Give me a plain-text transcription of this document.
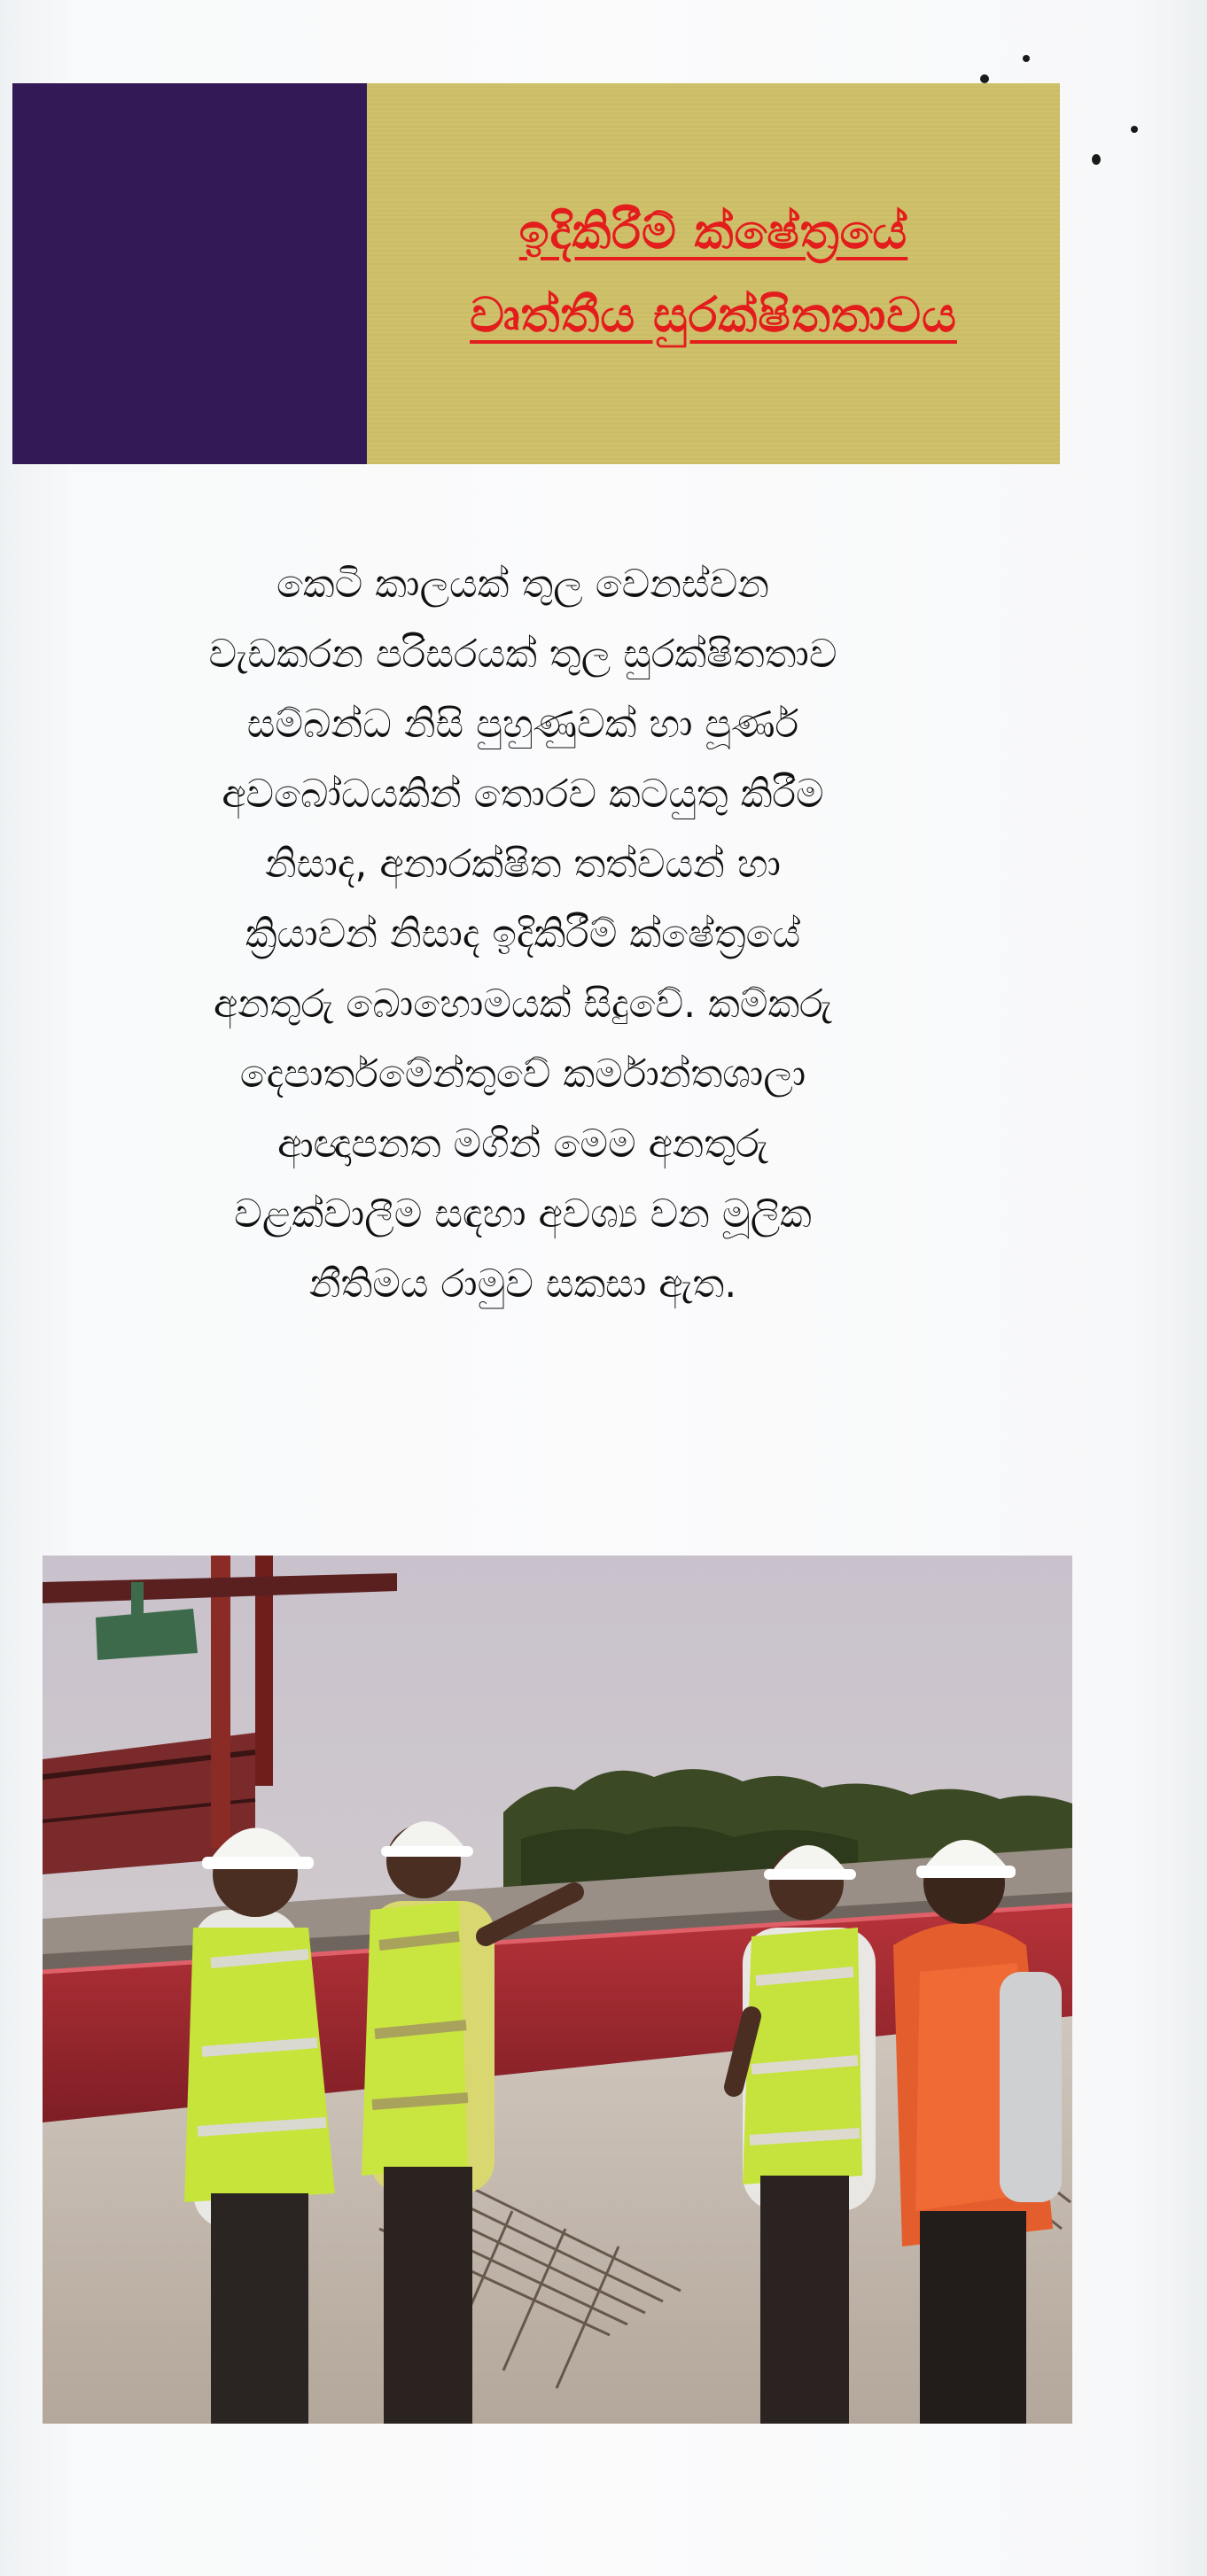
ඉදිකිරීම් ක්ෂේත්‍රයේ
වෘත්තීය සුරක්ෂිතතාවය
කෙටි කාලයක් තුල වෙනස්වන
වැඩකරන පරිසරයක් තුල සුරක්ෂිතතාව
සම්බන්ධ නිසි පුහුණුවක් හා පූර්ණ
අවබෝධයකින් තොරව කටයුතු කිරීම
නිසාද, අනාරක්ෂිත තත්වයන් හා
ක්‍රියාවන් නිසාද ඉදිකිරීම් ක්ෂේත්‍රයේ
අනතුරු බොහොමයක් සිදුවේ. කම්කරු
දෙපාර්තමේන්තුවේ කර්මාන්තශාලා
ආඥාපනත මගින් මෙම අනතුරු
වළක්වාලීම සඳහා අවශ්‍ය වන මූලික
නීතිමය රාමුව සකසා ඇත.
